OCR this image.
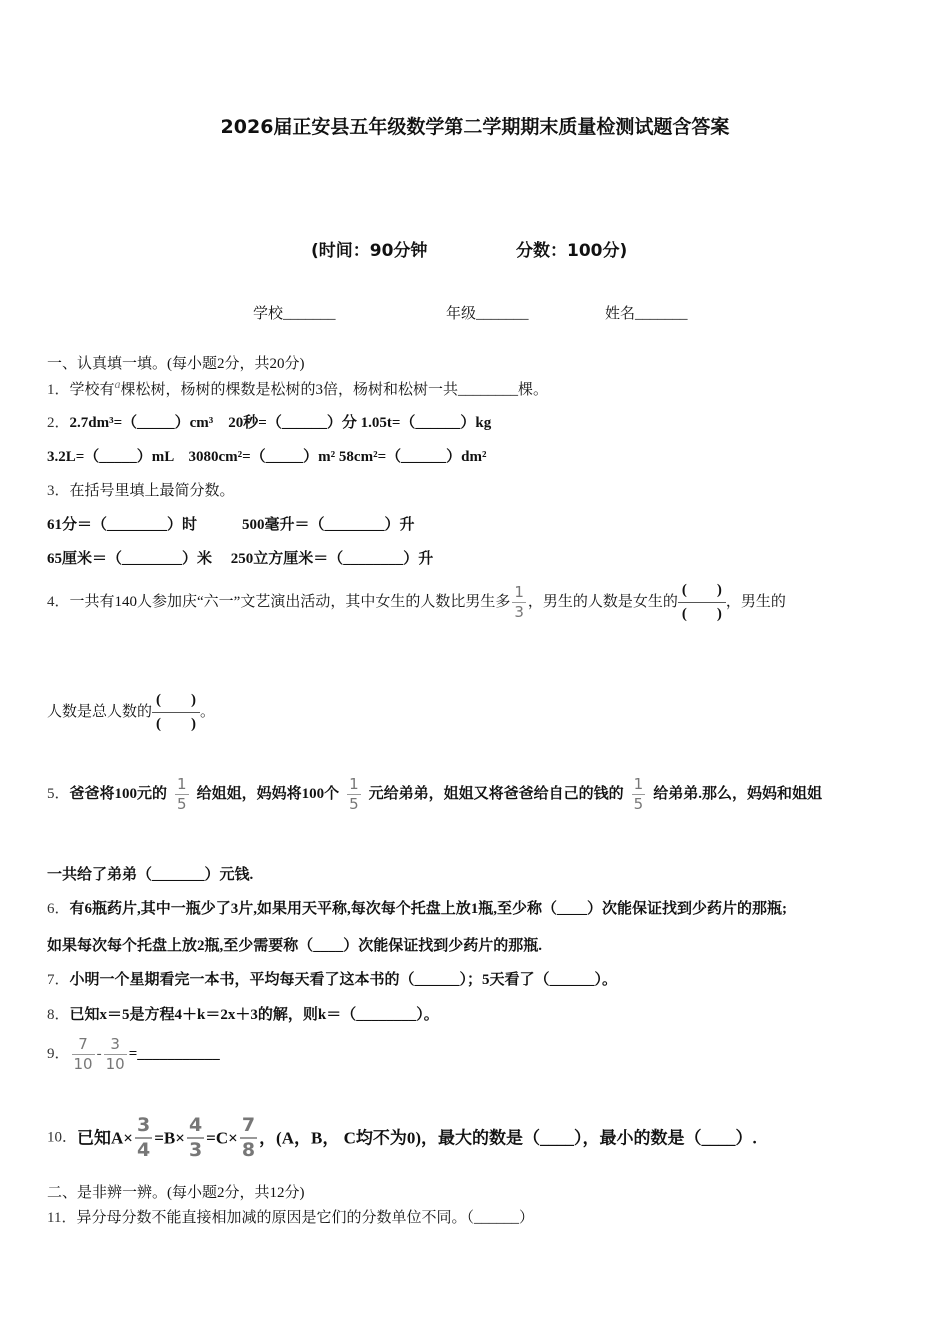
2026届正安县五年级数学第二学期期末质量检测试题含答案
(时间：90分钟	分数：100分)
学校_______	年级_______	姓名_______
一、认真填一填。(每小题2分，共20分)
1．学校有$^a$棵松树，杨树的棵数是松树的3倍，杨树和松树一共________棵。
2．2.7dm³=（_____）cm³　20秒=（______）分 1.05t=（______）kg
3.2L=（_____）mL　3080cm²=（_____）m² 58cm²=（______）dm²
3．在括号里填上最简分数。
61分＝（________）时　　　500毫升＝（________）升
65厘米＝（________）米　 250立方厘米＝（________）升
4．一共有140人参加庆“六一”文艺演出活动，其中女生的人数比男生多 $\frac{1}{3}$ ，男生的人数是女生的
(　　)
(　　)
，男生的
人数是总人数的
(　　)
(　　)
。
5．爸爸将100元的 $\frac{1}{5}$ 给姐姐，妈妈将100个 $\frac{1}{5}$ 元给弟弟，姐姐又将爸爸给自己的钱的 $\frac{1}{5}$ 给弟弟.那么，妈妈和姐姐
一共给了弟弟（_______）元钱.
6．有6瓶药片,其中一瓶少了3片,如果用天平称,每次每个托盘上放1瓶,至少称（____）次能保证找到少药片的那瓶;
如果每次每个托盘上放2瓶,至少需要称（____）次能保证找到少药片的那瓶.
7．小明一个星期看完一本书，平均每天看了这本书的（______）；5天看了（______）。
8．已知x＝5是方程4＋k＝2x＋3的解，则k＝（________）。
9． $\frac{7}{10} - \frac{3}{10}$ =___________
10．已知$A\times \frac{3}{4} =B\times \frac{4}{3} =C\times \frac{7}{8}$ ，(A，B， C均不为0)，最大的数是（____），最小的数是（____）.
二、是非辨一辨。(每小题2分，共12分)
11．异分母分数不能直接相加减的原因是它们的分数单位不同。（______）
